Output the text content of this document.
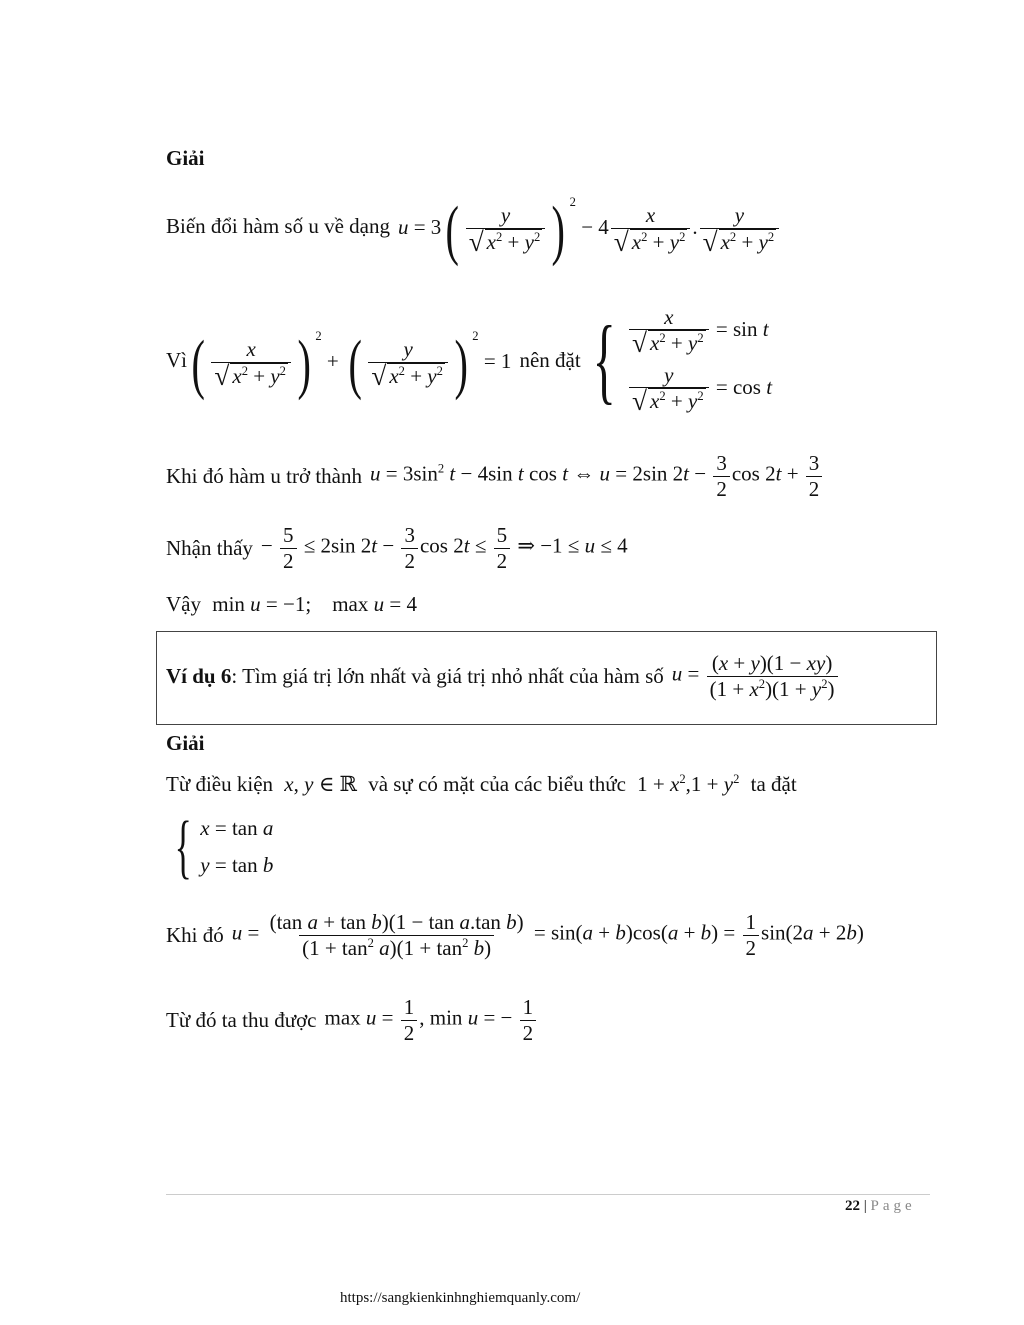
Giải
Biến đổi hàm số u về dạng $u = 3( \frac{y}{√ x^2 + y^2}$ ) $^2 - 4 \frac{x}{√ x^2 + y^2}$ . $\frac{y}{√ x^2 + y^2}$
Vì ( $\frac{x}{√ x^2 + y^2}$ ) $^2$ + ( $\frac{y}{√ x^2 + y^2}$ ) $^2$ = 1 nên đặt { $\frac{x}{√ x^2 + y^2} = \sin t$
$\frac{y}{√ x^2 + y^2} = \cos t$
Khi đó hàm u trở thành $u = 3\sin^2$ t − 4sin t cos t ⇔ u = 2sin $2t - \frac{3}{2}$ $\cos 2t + \frac{3}{2}$
Nhận thấy − $\frac{5}{2} \le 2\sin$ $2t - \frac{3}{2}$ $\cos 2t \le \frac{5}{2}$ ⇒ −1 ≤ u ≤ 4
Vậy min u = −1;    max u = 4
Ví dụ 6 : Tìm giá trị lớn nhất và giá trị nhỏ nhất của hàm số $u = \frac{(x + y)(1 - xy)}{(1 + x^2)(1 + y^2)}$
Giải
Từ điều kiện x, y ∈ ℝ và sự có mặt của các biểu thức $1 + x^2,1 + y^2$ ta đặt
{ x = tan a
y = tan b
Khi đó $u = \frac{\text{(tan a + tan b)(1 − tan a.tan b)}}{(1 + \tan^2 a)(1 + \tan^2 b)} = \sin(a + b)\cos(a + b) = \frac{1}{2} \sin(2a + 2b)$
Từ đó ta thu được $\max u = \frac{1}{2}$ , min u = − $\frac{1}{2}$
22 | Page
https://sangkienkinhnghiemquanly.com/
